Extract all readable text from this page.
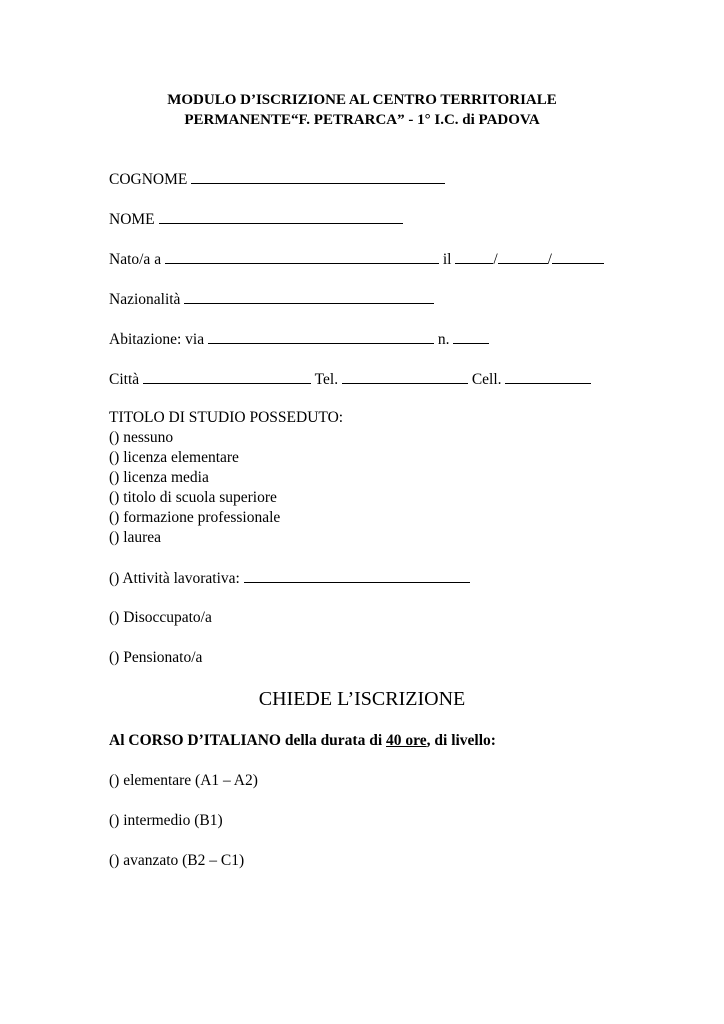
MODULO D’ISCRIZIONE AL CENTRO TERRITORIALE
PERMANENTE“F. PETRARCA” - 1° I.C. di PADOVA
COGNOME
NOME
Nato/a a	il	/	/
Nazionalità
Abitazione: via	n.
Città	Tel.	Cell.
TITOLO DI STUDIO POSSEDUTO:
() nessuno
() licenza elementare
() licenza media
() titolo di scuola superiore
() formazione professionale
() laurea
() Attività lavorativa:
() Disoccupato/a
() Pensionato/a
CHIEDE L’ISCRIZIONE
Al CORSO D’ITALIANO della durata di 40 ore, di livello:
() elementare (A1 – A2)
() intermedio (B1)
() avanzato (B2 – C1)
